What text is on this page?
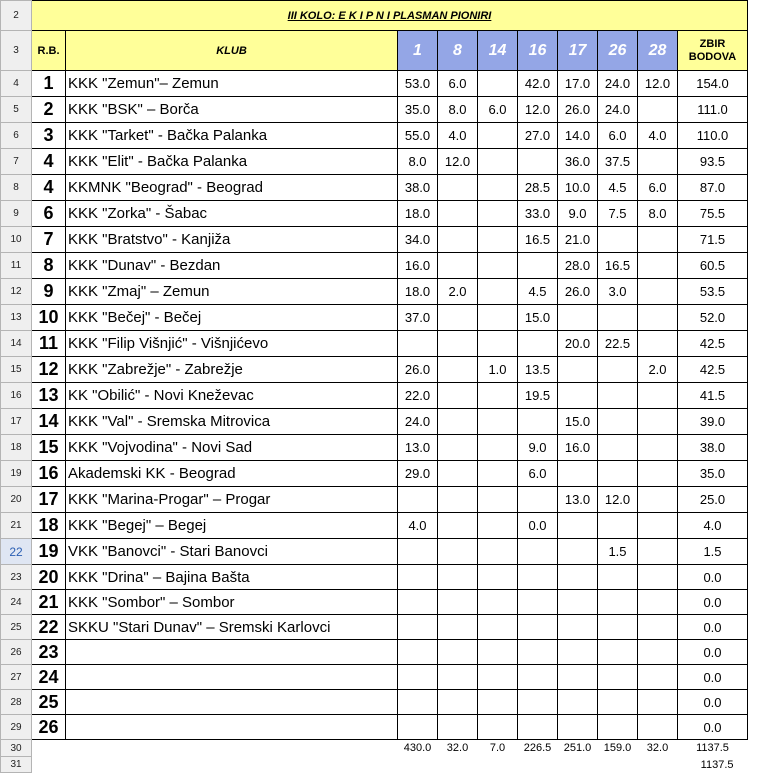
2	III KOLO: E K I P N I PLASMAN PIONIRI									
3	R.B.	KLUB	1	8	14	16	17	26	28	ZBIR
BODOVA

4	1	KKK "Zemun"– Zemun	53.0	6.0		42.0	17.0	24.0	12.0	154.0
5	2	KKK "BSK" – Borča	35.0	8.0	6.0	12.0	26.0	24.0		111.0
6	3	KKK "Tarket" - Bačka Palanka	55.0	4.0		27.0	14.0	6.0	4.0	110.0
7	4	KKK "Elit" - Bačka Palanka	8.0	12.0			36.0	37.5		93.5
8	4	KKMNK "Beograd" - Beograd	38.0			28.5	10.0	4.5	6.0	87.0
9	6	KKK "Zorka" - Šabac	18.0			33.0	9.0	7.5	8.0	75.5
10	7	KKK "Bratstvo" - Kanjiža	34.0			16.5	21.0			71.5
11	8	KKK "Dunav" - Bezdan	16.0				28.0	16.5		60.5
12	9	KKK "Zmaj" – Zemun	18.0	2.0		4.5	26.0	3.0		53.5
13	10	KKK "Bečej" - Bečej	37.0			15.0				52.0
14	11	KKK "Filip Višnjić" - Višnjićevo					20.0	22.5		42.5
15	12	KKK "Zabrežje" - Zabrežje	26.0		1.0	13.5			2.0	42.5
16	13	KK "Obilić" - Novi Kneževac	22.0			19.5				41.5
17	14	KKK "Val" - Sremska Mitrovica	24.0				15.0			39.0
18	15	KKK "Vojvodina" - Novi Sad	13.0			9.0	16.0			38.0
19	16	Akademski KK - Beograd	29.0			6.0				35.0
20	17	KKK "Marina-Progar" – Progar					13.0	12.0		25.0
21	18	KKK "Begej" – Begej	4.0			0.0				4.0
22	19	VKK "Banovci" - Stari Banovci						1.5		1.5
23	20	KKK "Drina" – Bajina Bašta								0.0
24	21	KKK "Sombor" – Sombor								0.0
25	22	SKKU "Stari Dunav" – Sremski Karlovci								0.0
26	23									0.0
27	24									0.0
28	25									0.0
29	26									0.0
30			430.0	32.0	7.0	226.5	251.0	159.0	32.0	1137.5
31										1137.5
